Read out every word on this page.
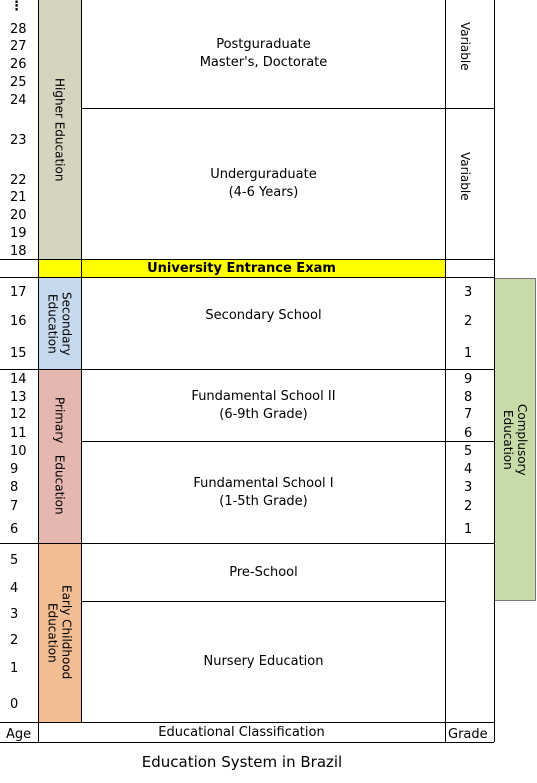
Higher Education
Secondary
Education
Primary   Education
Early Childhood
Education
University Entrance Exam
Complusory
Education
⋮
28
27
26
25
24
23
22
21
20
19
18
17
16
15
14
13
12
11
10
9
8
7
6
5
4
3
2
1
0
Age
Postguraduate
Master's, Doctorate
Underguraduate
(4-6 Years)
Secondary School
Fundamental School II
(6-9th Grade)
Fundamental School I
(1-5th Grade)
Pre-School
Nursery Education
Educational Classification
Variable
Variable
3
2
1
9
8
7
6
5
4
3
2
1
Grade
Education System in Brazil
